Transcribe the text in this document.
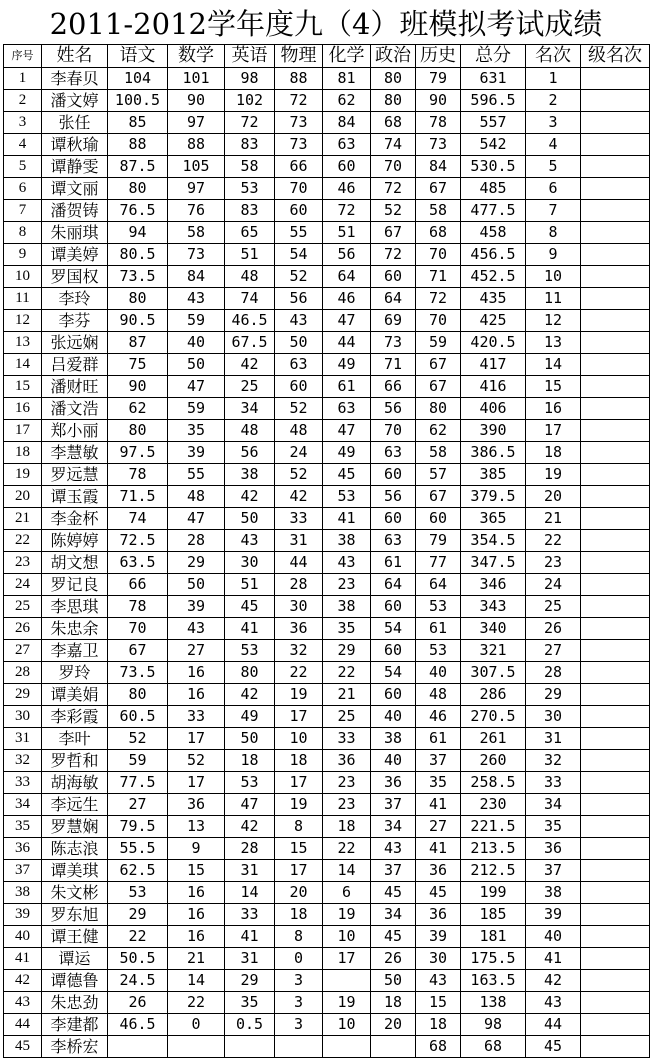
2011-2012学年度九（4）班模拟考试成绩
序号	姓名	语文	数学	英语	物理	化学	政治	历史	总分	名次	级名次
1	李春贝	104	101	98	88	81	80	79	631	1	
2	潘文婷	100.5	90	102	72	62	80	90	596.5	2	
3	张任	85	97	72	73	84	68	78	557	3	
4	谭秋瑜	88	88	83	73	63	74	73	542	4	
5	谭静雯	87.5	105	58	66	60	70	84	530.5	5	
6	谭文丽	80	97	53	70	46	72	67	485	6	
7	潘贺铸	76.5	76	83	60	72	52	58	477.5	7	
8	朱丽琪	94	58	65	55	51	67	68	458	8	
9	谭美婷	80.5	73	51	54	56	72	70	456.5	9	
10	罗国权	73.5	84	48	52	64	60	71	452.5	10	
11	李玲	80	43	74	56	46	64	72	435	11	
12	李芬	90.5	59	46.5	43	47	69	70	425	12	
13	张远娴	87	40	67.5	50	44	73	59	420.5	13	
14	吕爱群	75	50	42	63	49	71	67	417	14	
15	潘财旺	90	47	25	60	61	66	67	416	15	
16	潘文浩	62	59	34	52	63	56	80	406	16	
17	郑小丽	80	35	48	48	47	70	62	390	17	
18	李慧敏	97.5	39	56	24	49	63	58	386.5	18	
19	罗远慧	78	55	38	52	45	60	57	385	19	
20	谭玉霞	71.5	48	42	42	53	56	67	379.5	20	
21	李金杯	74	47	50	33	41	60	60	365	21	
22	陈婷婷	72.5	28	43	31	38	63	79	354.5	22	
23	胡文想	63.5	29	30	44	43	61	77	347.5	23	
24	罗记良	66	50	51	28	23	64	64	346	24	
25	李思琪	78	39	45	30	38	60	53	343	25	
26	朱忠余	70	43	41	36	35	54	61	340	26	
27	李嘉卫	67	27	53	32	29	60	53	321	27	
28	罗玲	73.5	16	80	22	22	54	40	307.5	28	
29	谭美娟	80	16	42	19	21	60	48	286	29	
30	李彩霞	60.5	33	49	17	25	40	46	270.5	30	
31	李叶	52	17	50	10	33	38	61	261	31	
32	罗哲和	59	52	18	18	36	40	37	260	32	
33	胡海敏	77.5	17	53	17	23	36	35	258.5	33	
34	李远生	27	36	47	19	23	37	41	230	34	
35	罗慧娴	79.5	13	42	8	18	34	27	221.5	35	
36	陈志浪	55.5	9	28	15	22	43	41	213.5	36	
37	谭美琪	62.5	15	31	17	14	37	36	212.5	37	
38	朱文彬	53	16	14	20	6	45	45	199	38	
39	罗东旭	29	16	33	18	19	34	36	185	39	
40	谭王健	22	16	41	8	10	45	39	181	40	
41	谭运	50.5	21	31	0	17	26	30	175.5	41	
42	谭德鲁	24.5	14	29	3		50	43	163.5	42	
43	朱忠劲	26	22	35	3	19	18	15	138	43	
44	李建都	46.5	0	0.5	3	10	20	18	98	44	
45	李桥宏							68	68	45	
